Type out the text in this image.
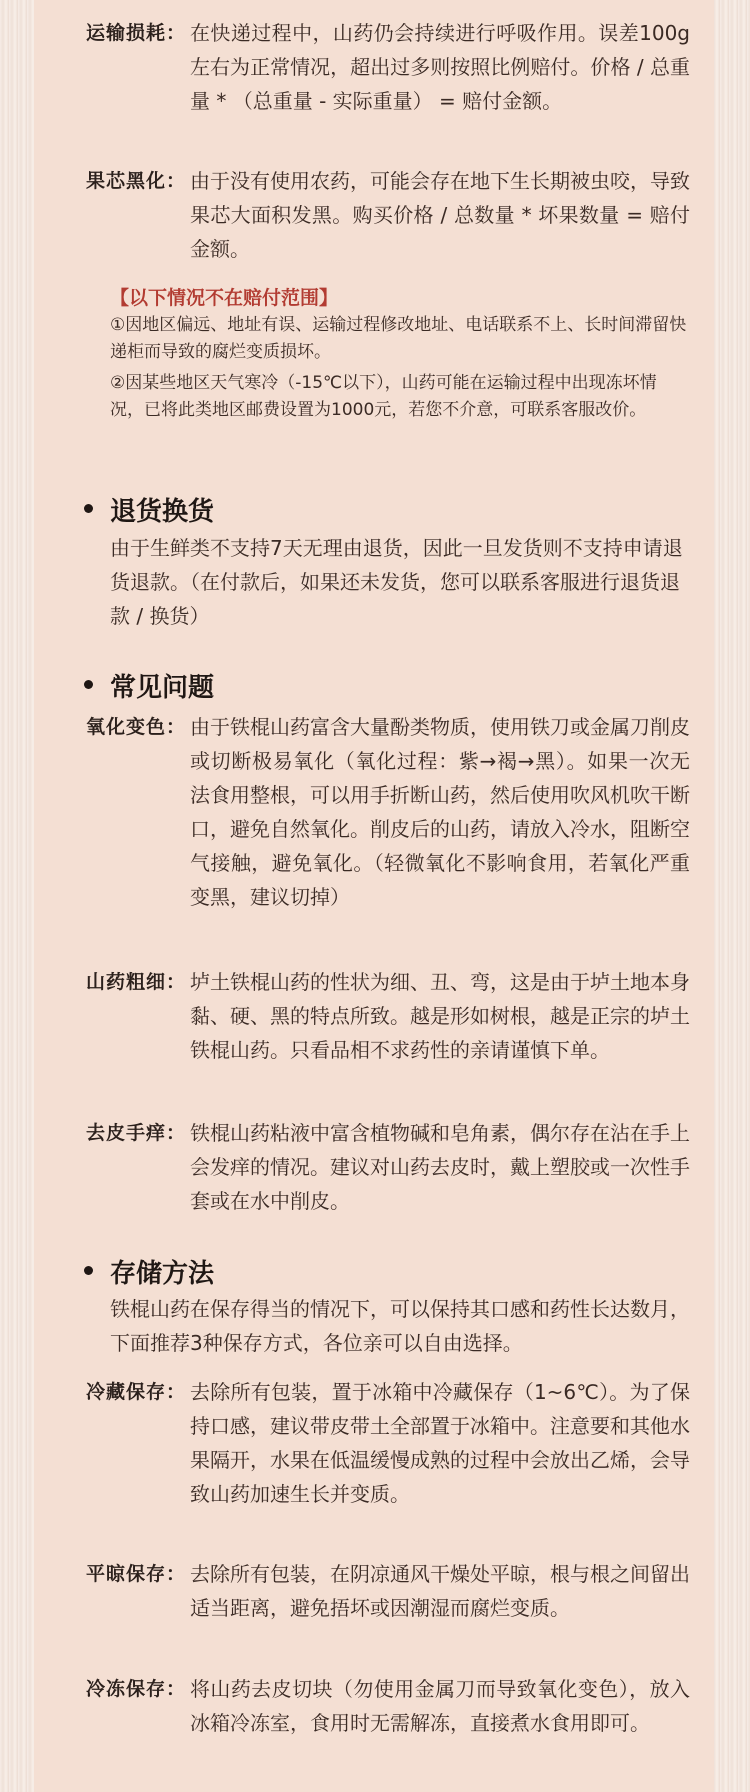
运输损耗： 在快递过程中，山药仍会持续进行呼吸作用。误差100g左右为正常情况，超出过多则按照比例赔付。价格 / 总重量 * （总重量 - 实际重量） = 赔付金额。
果芯黑化： 由于没有使用农药，可能会存在地下生长期被虫咬，导致果芯大面积发黑。购买价格 / 总数量 * 坏果数量 = 赔付金额。
【以下情况不在赔付范围】
①因地区偏远、地址有误、运输过程修改地址、电话联系不上、长时间滞留快递柜而导致的腐烂变质损坏。
②因某些地区天气寒冷（-15℃以下），山药可能在运输过程中出现冻坏情况，已将此类地区邮费设置为1000元，若您不介意，可联系客服改价。
退货换货
由于生鲜类不支持7天无理由退货，因此一旦发货则不支持申请退货退款。（在付款后，如果还未发货，您可以联系客服进行退货退款 / 换货）
常见问题
氧化变色： 由于铁棍山药富含大量酚类物质，使用铁刀或金属刀削皮或切断极易氧化（氧化过程：紫→褐→黑）。如果一次无法食用整根，可以用手折断山药，然后使用吹风机吹干断口，避免自然氧化。削皮后的山药，请放入冷水，阻断空气接触，避免氧化。（轻微氧化不影响食用，若氧化严重变黑，建议切掉）
山药粗细： 垆土铁棍山药的性状为细、丑、弯，这是由于垆土地本身黏、硬、黑的特点所致。越是形如树根，越是正宗的垆土铁棍山药。只看品相不求药性的亲请谨慎下单。
去皮手痒： 铁棍山药粘液中富含植物碱和皂角素，偶尔存在沾在手上会发痒的情况。建议对山药去皮时，戴上塑胶或一次性手套或在水中削皮。
存储方法
铁棍山药在保存得当的情况下，可以保持其口感和药性长达数月，下面推荐3种保存方式，各位亲可以自由选择。
冷藏保存： 去除所有包装，置于冰箱中冷藏保存（1~6℃）。为了保持口感，建议带皮带土全部置于冰箱中。注意要和其他水果隔开，水果在低温缓慢成熟的过程中会放出乙烯，会导致山药加速生长并变质。
平晾保存： 去除所有包装，在阴凉通风干燥处平晾，根与根之间留出适当距离，避免捂坏或因潮湿而腐烂变质。
冷冻保存： 将山药去皮切块（勿使用金属刀而导致氧化变色），放入冰箱冷冻室，食用时无需解冻，直接煮水食用即可。
